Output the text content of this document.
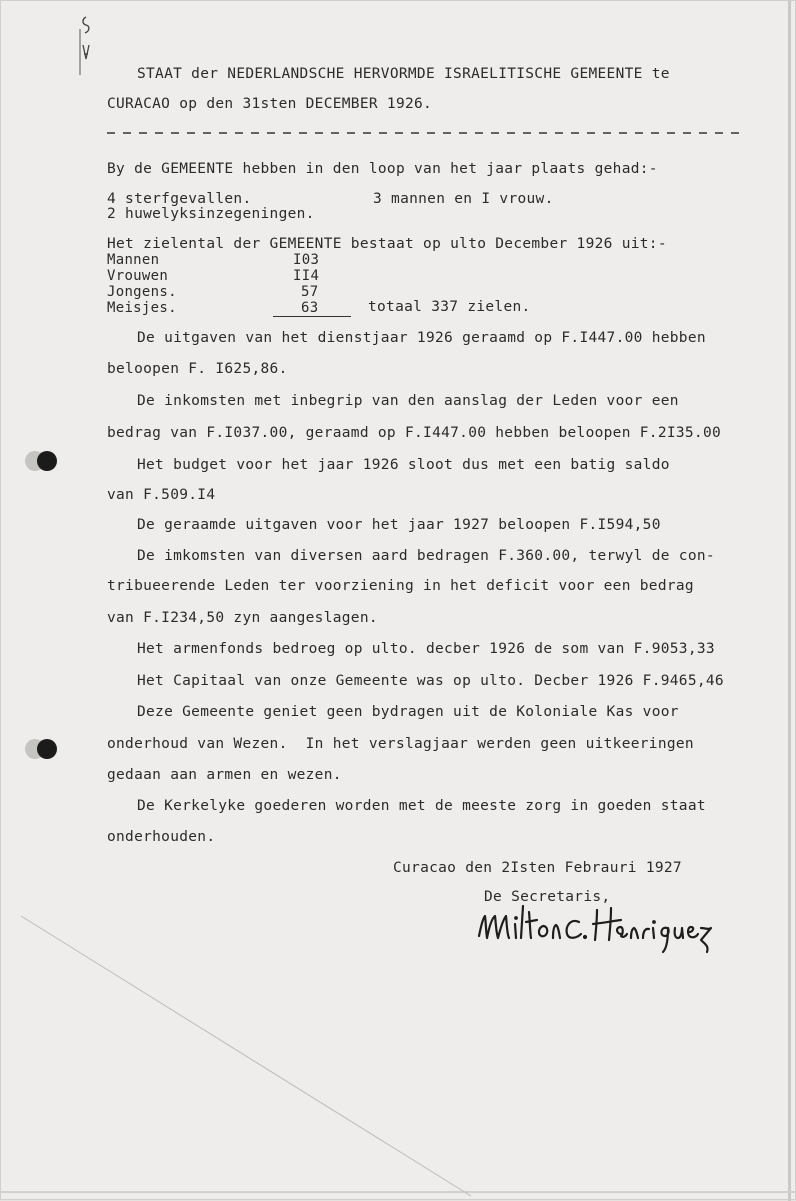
STAAT der NEDERLANDSCHE HERVORMDE ISRAELITISCHE GEMEENTE te
CURACAO op den 31sten DECEMBER 1926.
By de GEMEENTE hebben in den loop van het jaar plaats gehad:-
4 sterfgevallen.	3 mannen en I vrouw.
2 huwelyksinzegeningen.
Het zielental der GEMEENTE bestaat op ulto December 1926 uit:-
Mannen	I03
Vrouwen	II4
Jongens.	57
Meisjes.	63	totaal 337 zielen.
De uitgaven van het dienstjaar 1926 geraamd op F.I447.00 hebben
beloopen F. I625,86.
De inkomsten met inbegrip van den aanslag der Leden voor een
bedrag van F.I037.00, geraamd op F.I447.00 hebben beloopen F.2I35.00
Het budget voor het jaar 1926 sloot dus met een batig saldo
van F.509.I4
De geraamde uitgaven voor het jaar 1927 beloopen F.I594,50
De imkomsten van diversen aard bedragen F.360.00, terwyl de con-
tribueerende Leden ter voorziening in het deficit voor een bedrag
van F.I234,50 zyn aangeslagen.
Het armenfonds bedroeg op ulto. decber 1926 de som van F.9053,33
Het Capitaal van onze Gemeente was op ulto. Decber 1926 F.9465,46
Deze Gemeente geniet geen bydragen uit de Koloniale Kas voor
onderhoud van Wezen.  In het verslagjaar werden geen uitkeeringen
gedaan aan armen en wezen.
De Kerkelyke goederen worden met de meeste zorg in goeden staat
onderhouden.
Curacao den 2Isten Febrauri 1927
De Secretaris,
